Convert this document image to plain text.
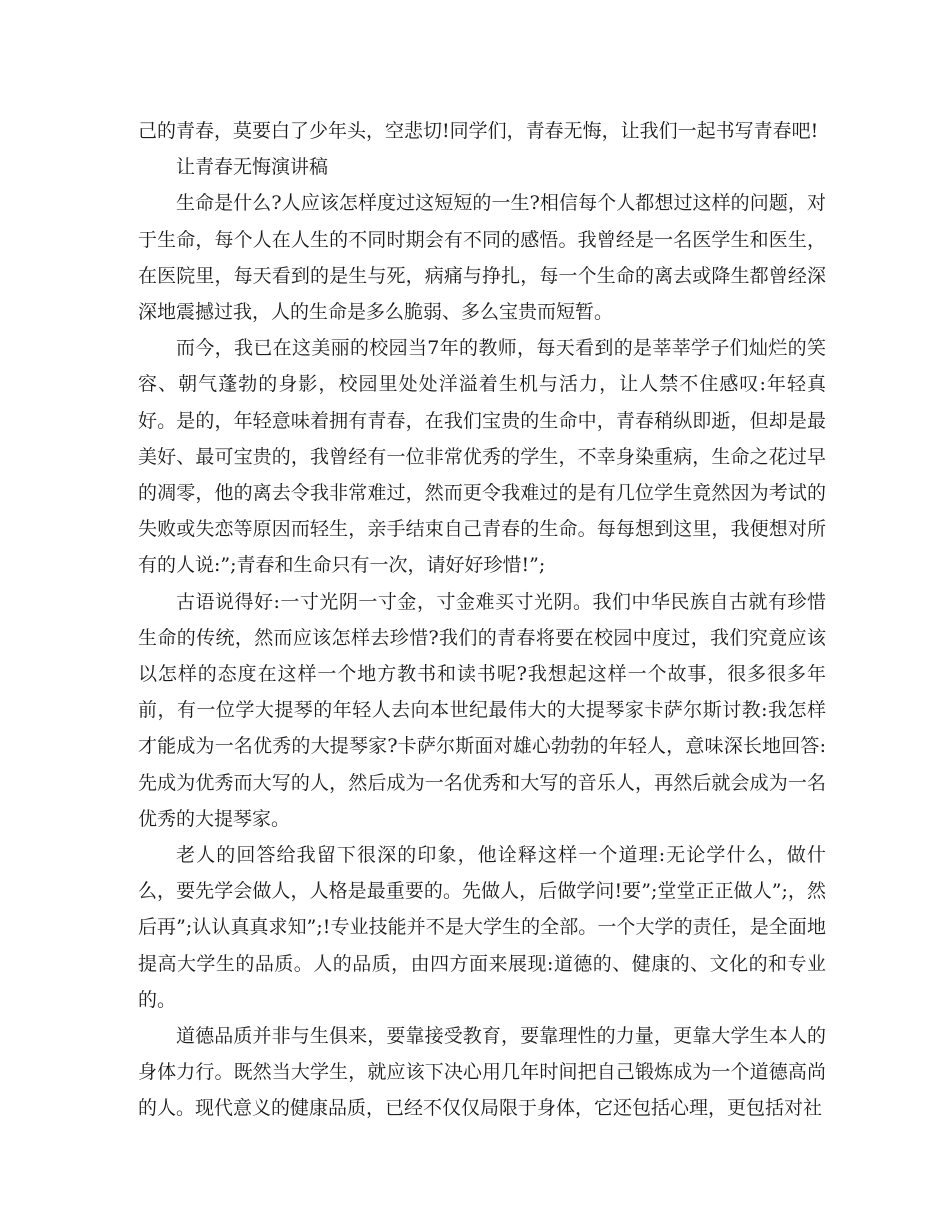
己的青春，莫要白了少年头，空悲切!同学们，青春无悔，让我们一起书写青春吧!

让青春无悔演讲稿

生命是什么?人应该怎样度过这短短的一生?相信每个人都想过这样的问题，对于生命，每个人在人生的不同时期会有不同的感悟。我曾经是一名医学生和医生，在医院里，每天看到的是生与死，病痛与挣扎，每一个生命的离去或降生都曾经深深地震撼过我，人的生命是多么脆弱、多么宝贵而短暂。

而今，我已在这美丽的校园当7年的教师，每天看到的是莘莘学子们灿烂的笑容、朝气蓬勃的身影，校园里处处洋溢着生机与活力，让人禁不住感叹:年轻真好。是的，年轻意味着拥有青春，在我们宝贵的生命中，青春稍纵即逝，但却是最美好、最可宝贵的，我曾经有一位非常优秀的学生，不幸身染重病，生命之花过早的凋零，他的离去令我非常难过，然而更令我难过的是有几位学生竟然因为考试的失败或失恋等原因而轻生，亲手结束自己青春的生命。每每想到这里，我便想对所有的人说:”;青春和生命只有一次，请好好珍惜!”;

古语说得好:一寸光阴一寸金，寸金难买寸光阴。我们中华民族自古就有珍惜生命的传统，然而应该怎样去珍惜?我们的青春将要在校园中度过，我们究竟应该以怎样的态度在这样一个地方教书和读书呢?我想起这样一个故事，很多很多年前，有一位学大提琴的年轻人去向本世纪最伟大的大提琴家卡萨尔斯讨教:我怎样才能成为一名优秀的大提琴家?卡萨尔斯面对雄心勃勃的年轻人，意味深长地回答:先成为优秀而大写的人，然后成为一名优秀和大写的音乐人，再然后就会成为一名优秀的大提琴家。

老人的回答给我留下很深的印象，他诠释这样一个道理:无论学什么，做什么，要先学会做人，人格是最重要的。先做人，后做学问!要”;堂堂正正做人”;，然后再”;认认真真求知”;!专业技能并不是大学生的全部。一个大学的责任，是全面地提高大学生的品质。人的品质，由四方面来展现:道德的、健康的、文化的和专业的。

道德品质并非与生俱来，要靠接受教育，要靠理性的力量，更靠大学生本人的身体力行。既然当大学生，就应该下决心用几年时间把自己锻炼成为一个道德高尚的人。现代意义的健康品质，已经不仅仅局限于身体，它还包括心理，更包括对社
